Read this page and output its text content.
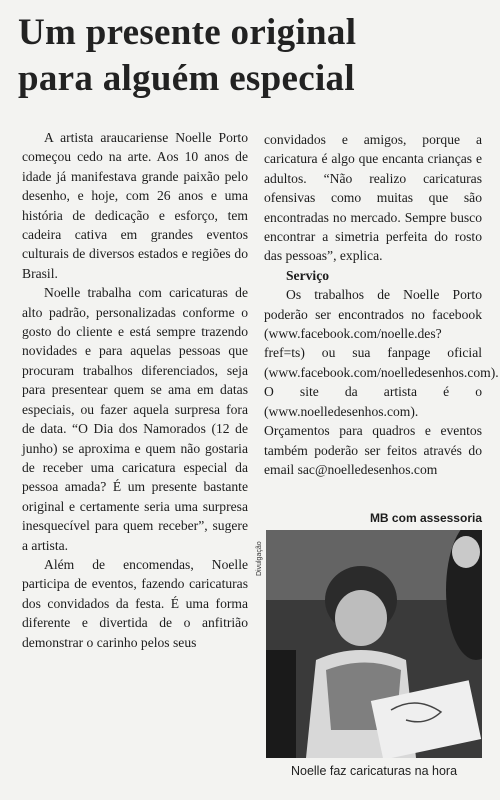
Um presente original
para alguém especial

A artista araucariense Noelle Porto começou cedo na arte. Aos 10 anos de idade já manifestava grande paixão pelo desenho, e hoje, com 26 anos e uma história de dedicação e esforço, tem cadeira cativa em grandes eventos culturais de diversos estados e regiões do Brasil.

Noelle trabalha com caricaturas de alto padrão, personalizadas conforme o gosto do cliente e está sempre trazendo novidades e para aquelas pessoas que procuram trabalhos diferenciados, seja para presentear quem se ama em datas especiais, ou fazer aquela surpresa fora de data. “O Dia dos Namorados (12 de junho) se aproxima e quem não gostaria de receber uma caricatura especial da pessoa amada? É um presente bastante original e certamente seria uma surpresa inesquecível para quem receber”, sugere a artista.

Além de encomendas, Noelle participa de eventos, fazendo caricaturas dos convidados da festa. É uma forma diferente e divertida de o anfitrião demonstrar o carinho pelos seus

convidados e amigos, porque a caricatura é algo que encanta crianças e adultos. “Não realizo caricaturas ofensivas como muitas que são encontradas no mercado. Sempre busco encontrar a simetria perfeita do rosto das pessoas”, explica.

Serviço

Os trabalhos de Noelle Porto poderão ser encontrados no facebook (www.facebook.com/noelle.des?fref=ts) ou sua fanpage oficial (www.facebook.com/noelledesenhos.com). O site da artista é o (www.noelledesenhos.com). Orçamentos para quadros e eventos também poderão ser feitos através do email sac@noelledesenhos.com

MB com assessoria
Divulgação
Noelle faz caricaturas na hora
